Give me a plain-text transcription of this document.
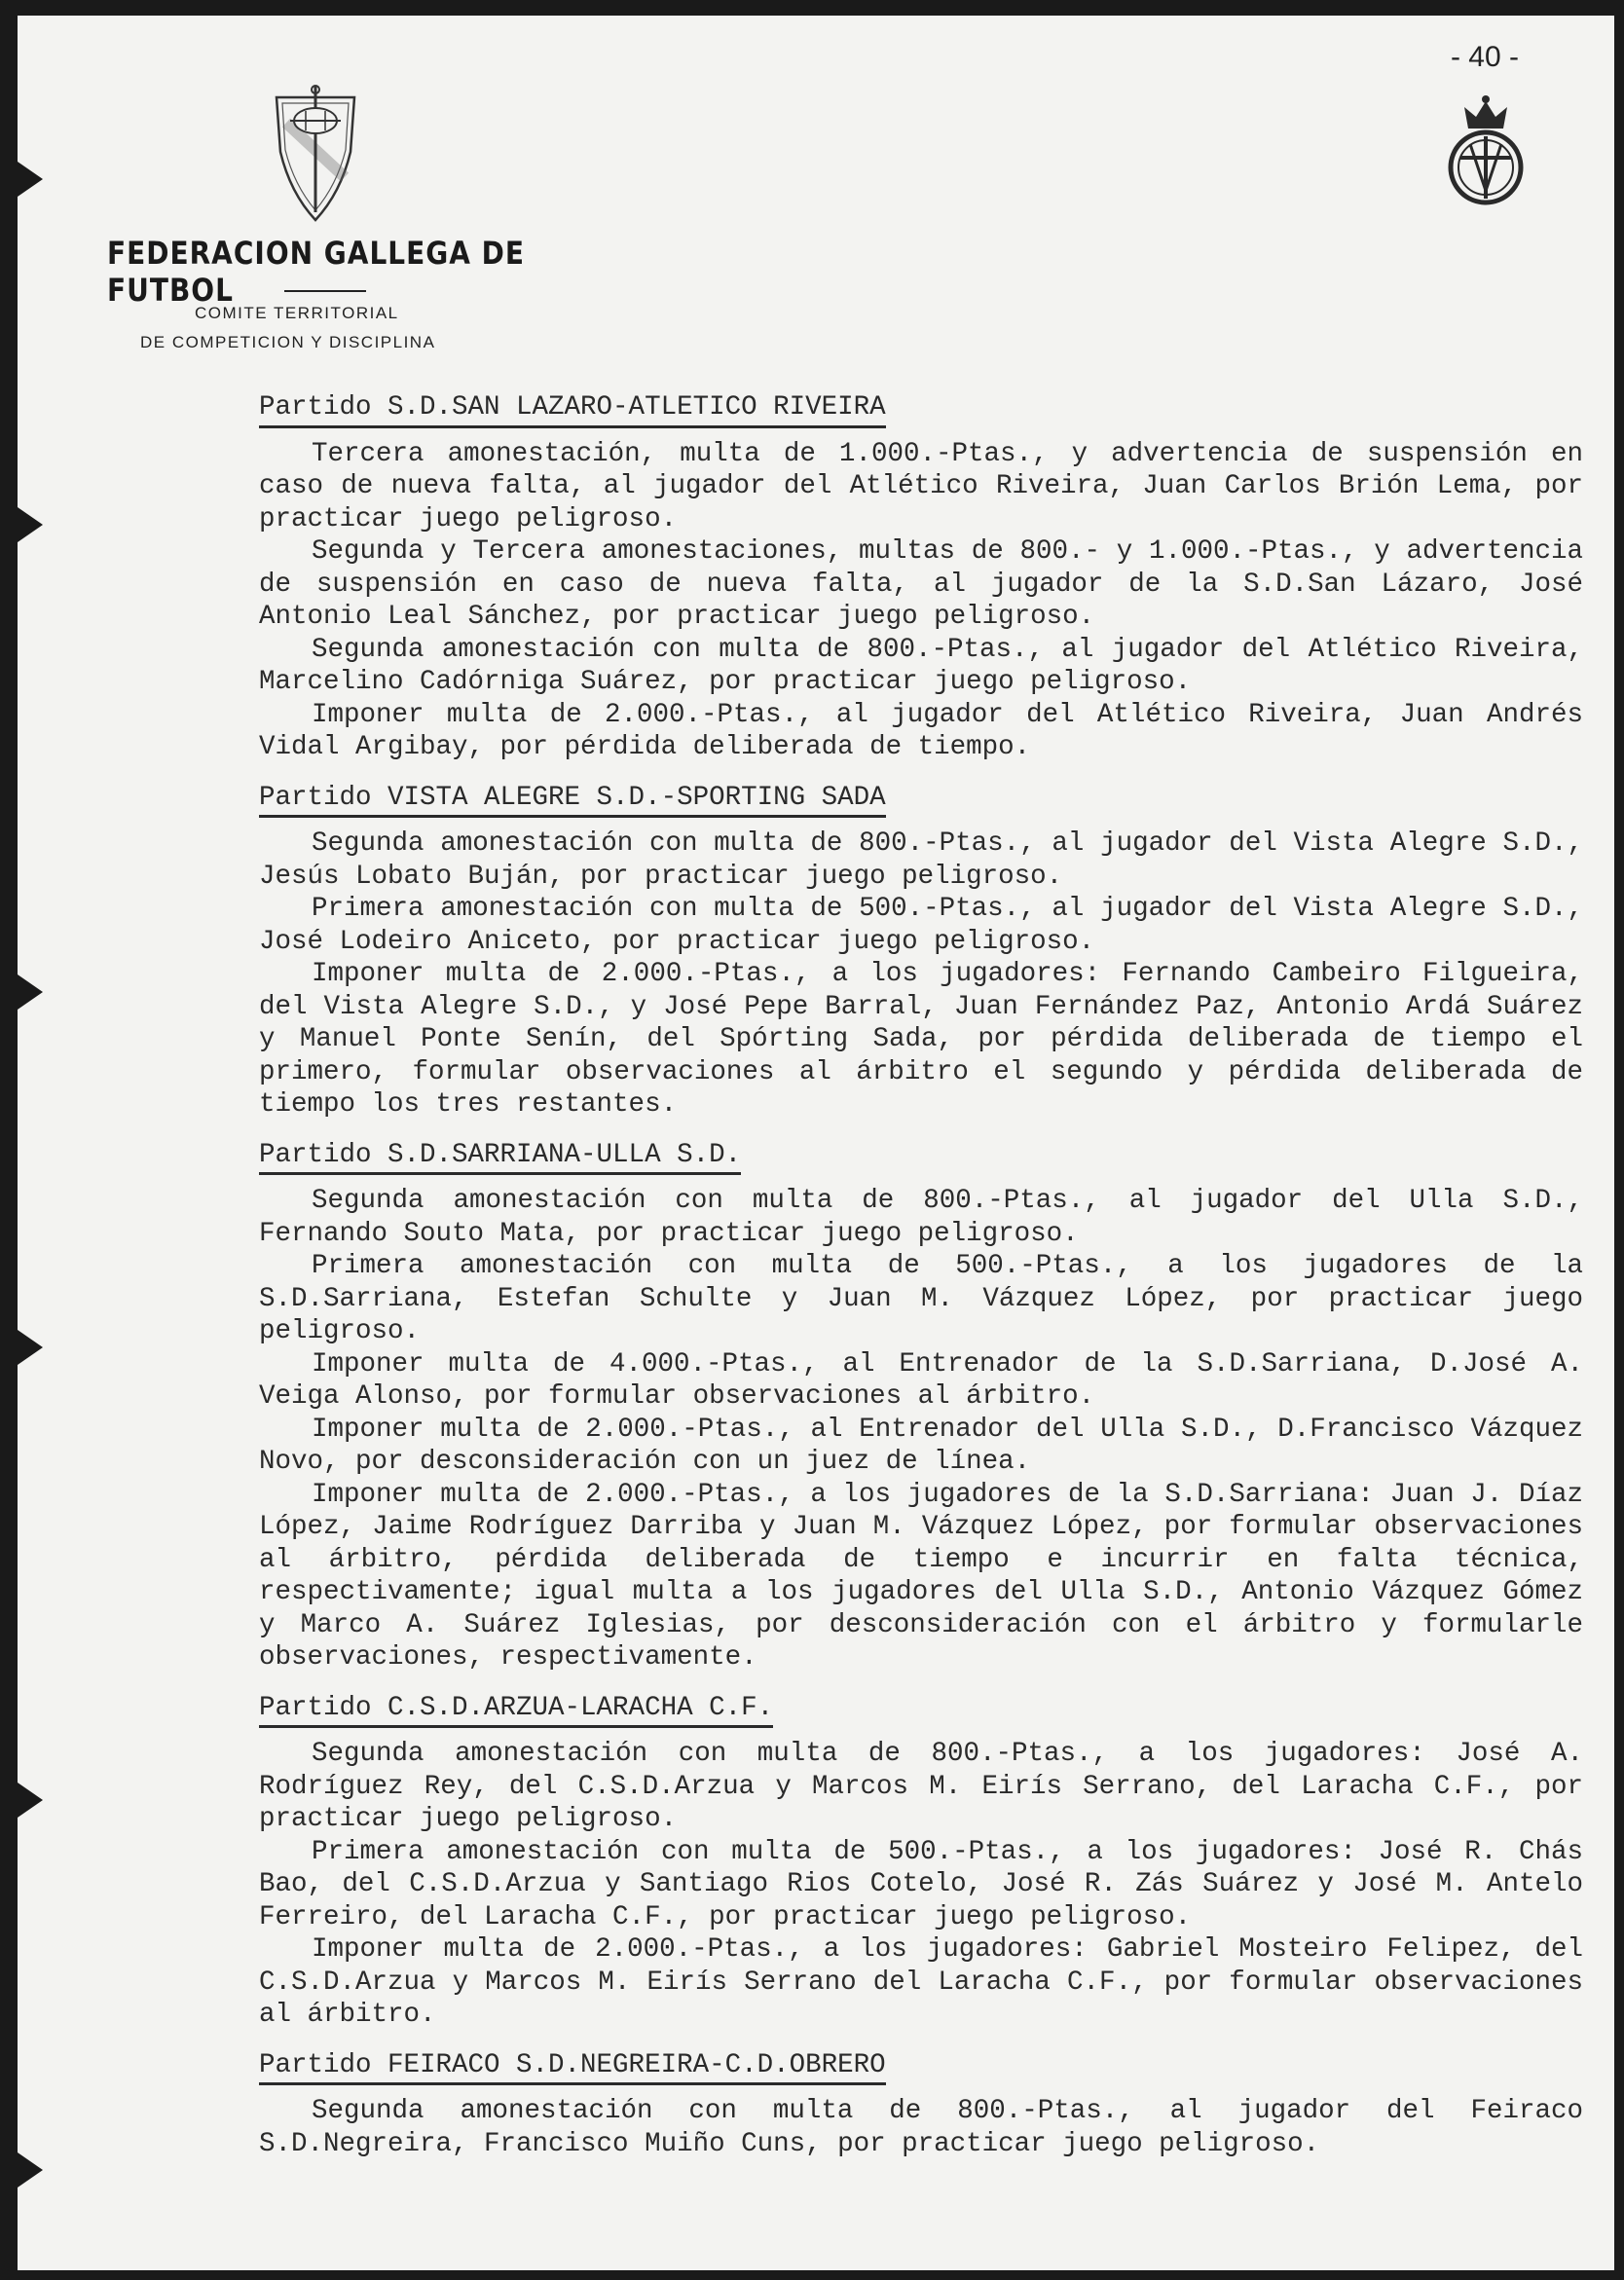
- 40 -
FEDERACION GALLEGA DE FUTBOL
COMITE TERRITORIAL
DE COMPETICION Y DISCIPLINA
Partido S.D.SAN LAZARO-ATLETICO RIVEIRA

Tercera amonestación, multa de 1.000.-Ptas., y advertencia de suspensión en caso de nueva falta, al jugador del Atlético Riveira, Juan Carlos Brión Lema, por practicar juego peligroso.

Segunda y Tercera amonestaciones, multas de 800.- y 1.000.-Ptas., y advertencia de suspensión en caso de nueva falta, al jugador de la S.D.San Lázaro, José Antonio Leal Sánchez, por practicar juego peligroso.

Segunda amonestación con multa de 800.-Ptas., al jugador del Atlético Riveira, Marcelino Cadórniga Suárez, por practicar juego peligroso.

Imponer multa de 2.000.-Ptas., al jugador del Atlético Riveira, Juan Andrés Vidal Argibay, por pérdida deliberada de tiempo.

Partido VISTA ALEGRE S.D.-SPORTING SADA

Segunda amonestación con multa de 800.-Ptas., al jugador del Vista Alegre S.D., Jesús Lobato Buján, por practicar juego peligroso.

Primera amonestación con multa de 500.-Ptas., al jugador del Vista Alegre S.D., José Lodeiro Aniceto, por practicar juego peligroso.

Imponer multa de 2.000.-Ptas., a los jugadores: Fernando Cambeiro Filgueira, del Vista Alegre S.D., y José Pepe Barral, Juan Fernández Paz, Antonio Ardá Suárez y Manuel Ponte Senín, del Spórting Sada, por pérdida deliberada de tiempo el primero, formular observaciones al árbitro el segundo y pérdida deliberada de tiempo los tres restantes.

Partido S.D.SARRIANA-ULLA S.D.

Segunda amonestación con multa de 800.-Ptas., al jugador del Ulla S.D., Fernando Souto Mata, por practicar juego peligroso.

Primera amonestación con multa de 500.-Ptas., a los jugadores de la S.D.Sarriana, Estefan Schulte y Juan M. Vázquez López, por practicar juego peligroso.

Imponer multa de 4.000.-Ptas., al Entrenador de la S.D.Sarriana, D.José A. Veiga Alonso, por formular observaciones al árbitro.

Imponer multa de 2.000.-Ptas., al Entrenador del Ulla S.D., D.Francisco Vázquez Novo, por desconsideración con un juez de línea.

Imponer multa de 2.000.-Ptas., a los jugadores de la S.D.Sarriana: Juan J. Díaz López, Jaime Rodríguez Darriba y Juan M. Vázquez López, por formular observaciones al árbitro, pérdida deliberada de tiempo e incurrir en falta técnica, respectivamente; igual multa a los jugadores del Ulla S.D., Antonio Vázquez Gómez y Marco A. Suárez Iglesias, por desconsideración con el árbitro y formularle observaciones, respectivamente.

Partido C.S.D.ARZUA-LARACHA C.F.

Segunda amonestación con multa de 800.-Ptas., a los jugadores: José A. Rodríguez Rey, del C.S.D.Arzua y Marcos M. Eirís Serrano, del Laracha C.F., por practicar juego peligroso.

Primera amonestación con multa de 500.-Ptas., a los jugadores: José R. Chás Bao, del C.S.D.Arzua y Santiago Rios Cotelo, José R. Zás Suárez y José M. Antelo Ferreiro, del Laracha C.F., por practicar juego peligroso.

Imponer multa de 2.000.-Ptas., a los jugadores: Gabriel Mosteiro Felipez, del C.S.D.Arzua y Marcos M. Eirís Serrano del Laracha C.F., por formular observaciones al árbitro.

Partido FEIRACO S.D.NEGREIRA-C.D.OBRERO

Segunda amonestación con multa de 800.-Ptas., al jugador del Feiraco S.D.Negreira, Francisco Muiño Cuns, por practicar juego peligroso.
